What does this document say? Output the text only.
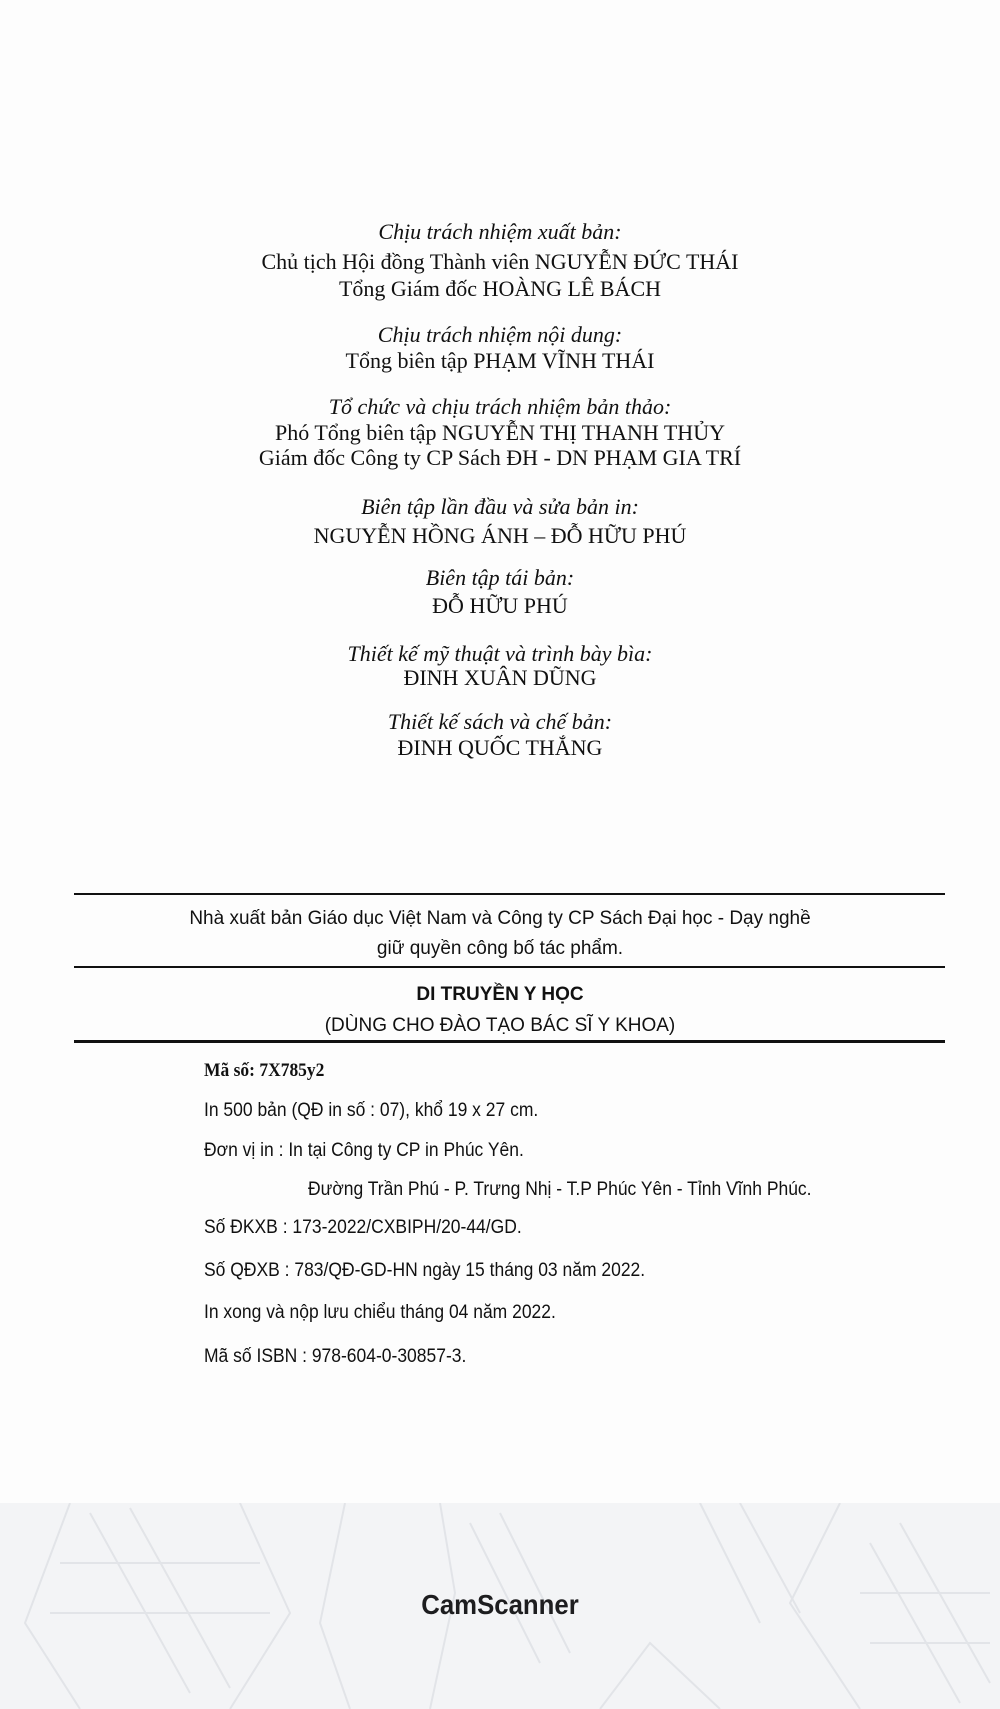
Chịu trách nhiệm xuất bản:
Chủ tịch Hội đồng Thành viên NGUYỄN ĐỨC THÁI
Tổng Giám đốc HOÀNG LÊ BÁCH
Chịu trách nhiệm nội dung:
Tổng biên tập PHẠM VĨNH THÁI
Tổ chức và chịu trách nhiệm bản thảo:
Phó Tổng biên tập NGUYỄN THỊ THANH THỦY
Giám đốc Công ty CP Sách ĐH - DN PHẠM GIA TRÍ
Biên tập lần đầu và sửa bản in:
NGUYỄN HỒNG ÁNH – ĐỖ HỮU PHÚ
Biên tập tái bản:
ĐỖ HỮU PHÚ
Thiết kế mỹ thuật và trình bày bìa:
ĐINH XUÂN DŨNG
Thiết kế sách và chế bản:
ĐINH QUỐC THẮNG
Nhà xuất bản Giáo dục Việt Nam và Công ty CP Sách Đại học - Dạy nghề
giữ quyền công bố tác phẩm.
DI TRUYỀN Y HỌC
(DÙNG CHO ĐÀO TẠO BÁC SĨ Y KHOA)
Mã số: 7X785y2
In 500 bản (QĐ in số : 07), khổ 19 x 27 cm.
Đơn vị in : In tại Công ty CP in Phúc Yên.
Đường Trần Phú - P. Trưng Nhị - T.P Phúc Yên - Tỉnh Vĩnh Phúc.
Số ĐKXB : 173-2022/CXBIPH/20-44/GD.
Số QĐXB : 783/QĐ-GD-HN ngày 15 tháng 03 năm 2022.
In xong và nộp lưu chiểu tháng 04 năm 2022.
Mã số ISBN : 978-604-0-30857-3.
CamScanner
